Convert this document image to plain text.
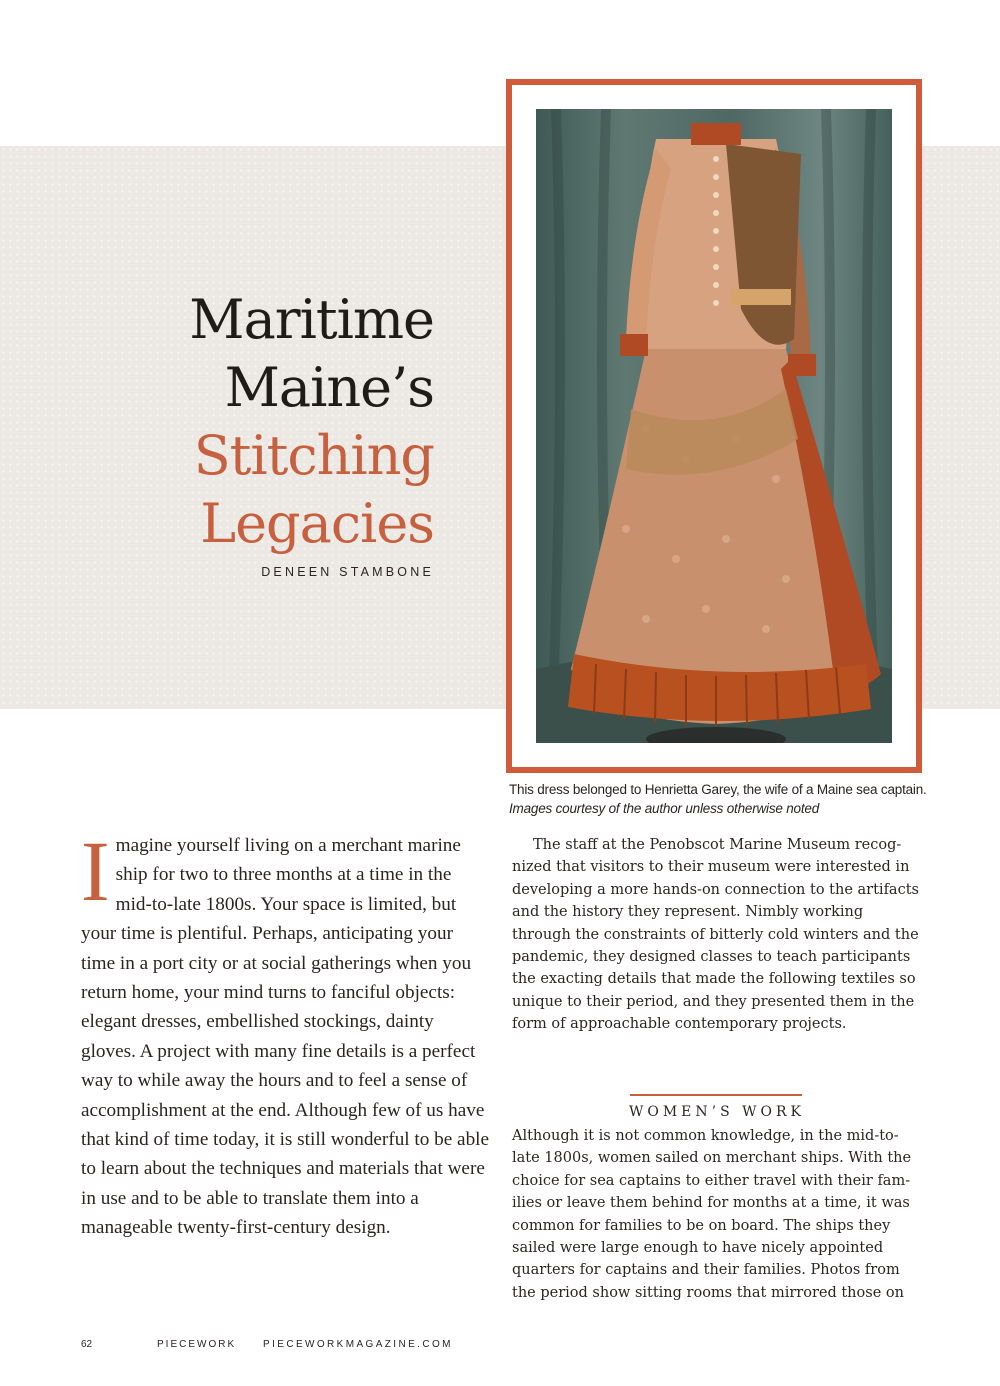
Maritime
Maine’s
Stitching
Legacies
DENEEN STAMBONE
This dress belonged to Henrietta Garey, the wife of a Maine sea captain.
Images courtesy of the author unless otherwise noted

Imagine yourself living on a merchant marine ship for two to three months at a time in the mid-to-late 1800s. Your space is limited, but your time is plentiful. Perhaps, anticipating your time in a port city or at social gatherings when you return home, your mind turns to fanciful objects: elegant dresses, embellished stockings, dainty gloves. A project with many fine details is a perfect way to while away the hours and to feel a sense of accomplishment at the end. Although few of us have that kind of time today, it is still wonderful to be able to learn about the techniques and materials that were in use and to be able to translate them into a manageable twenty-first-century design.

The staff at the Penobscot Marine Museum recognized that visitors to their museum were interested in developing a more hands-on connection to the artifacts and the history they represent. Nimbly working through the constraints of bitterly cold winters and the pandemic, they designed classes to teach participants the exacting details that made the following textiles so unique to their period, and they presented them in the form of approachable contemporary projects.

WOMEN’S WORK

Although it is not common knowledge, in the mid-to-late 1800s, women sailed on merchant ships. With the choice for sea captains to either travel with their families or leave them behind for months at a time, it was common for families to be on board. The ships they sailed were large enough to have nicely appointed quarters for captains and their families. Photos from the period show sitting rooms that mirrored those on

62	PIECEWORK	PIECEWORKMAGAZINE.COM
